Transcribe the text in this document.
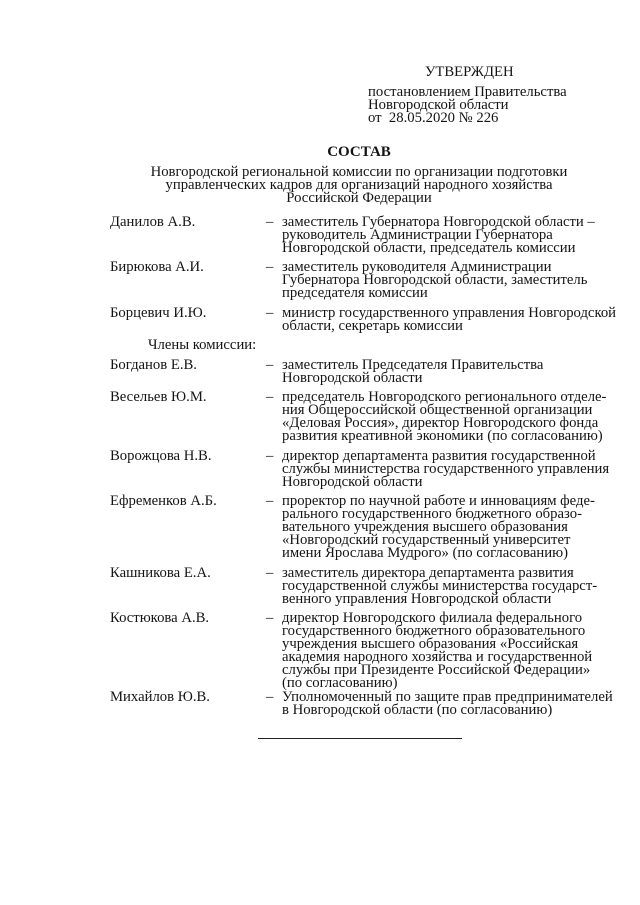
УТВЕРЖДЕН
постановлением Правительства
Новгородской области
от  28.05.2020 № 226
СОСТАВ
Новгородской региональной комиссии по организации подготовки
управленческих кадров для организаций народного хозяйства
Российской Федерации
Данилов А.В.	– заместитель Губернатора Новгородской области –
руководитель Администрации Губернатора
Новгородской области, председатель комиссии
Бирюкова А.И.	– заместитель руководителя Администрации
Губернатора Новгородской области, заместитель
председателя комиссии
Борцевич И.Ю.	– министр государственного управления Новгородской
области, секретарь комиссии
Члены комиссии:
Богданов Е.В.	– заместитель Председателя Правительства
Новгородской области
Весельев Ю.М.	– председатель Новгородского регионального отделе-
ния Общероссийской общественной организации
«Деловая Россия», директор Новгородского фонда
развития креативной экономики (по согласованию)
Ворожцова Н.В.	– директор департамента развития государственной
службы министерства государственного управления
Новгородской области
Ефременков А.Б.	– проректор по научной работе и инновациям феде-
рального государственного бюджетного образо-
вательного учреждения высшего образования
«Новгородский государственный университет
имени Ярослава Мудрого» (по согласованию)
Кашникова Е.А.	– заместитель директора департамента развития
государственной службы министерства государст-
венного управления Новгородской области
Костюкова А.В.	– директор Новгородского филиала федерального
государственного бюджетного образовательного
учреждения высшего образования «Российская
академия народного хозяйства и государственной
службы при Президенте Российской Федерации»
(по согласованию)
Михайлов Ю.В.	– Уполномоченный по защите прав предпринимателей
в Новгородской области (по согласованию)
